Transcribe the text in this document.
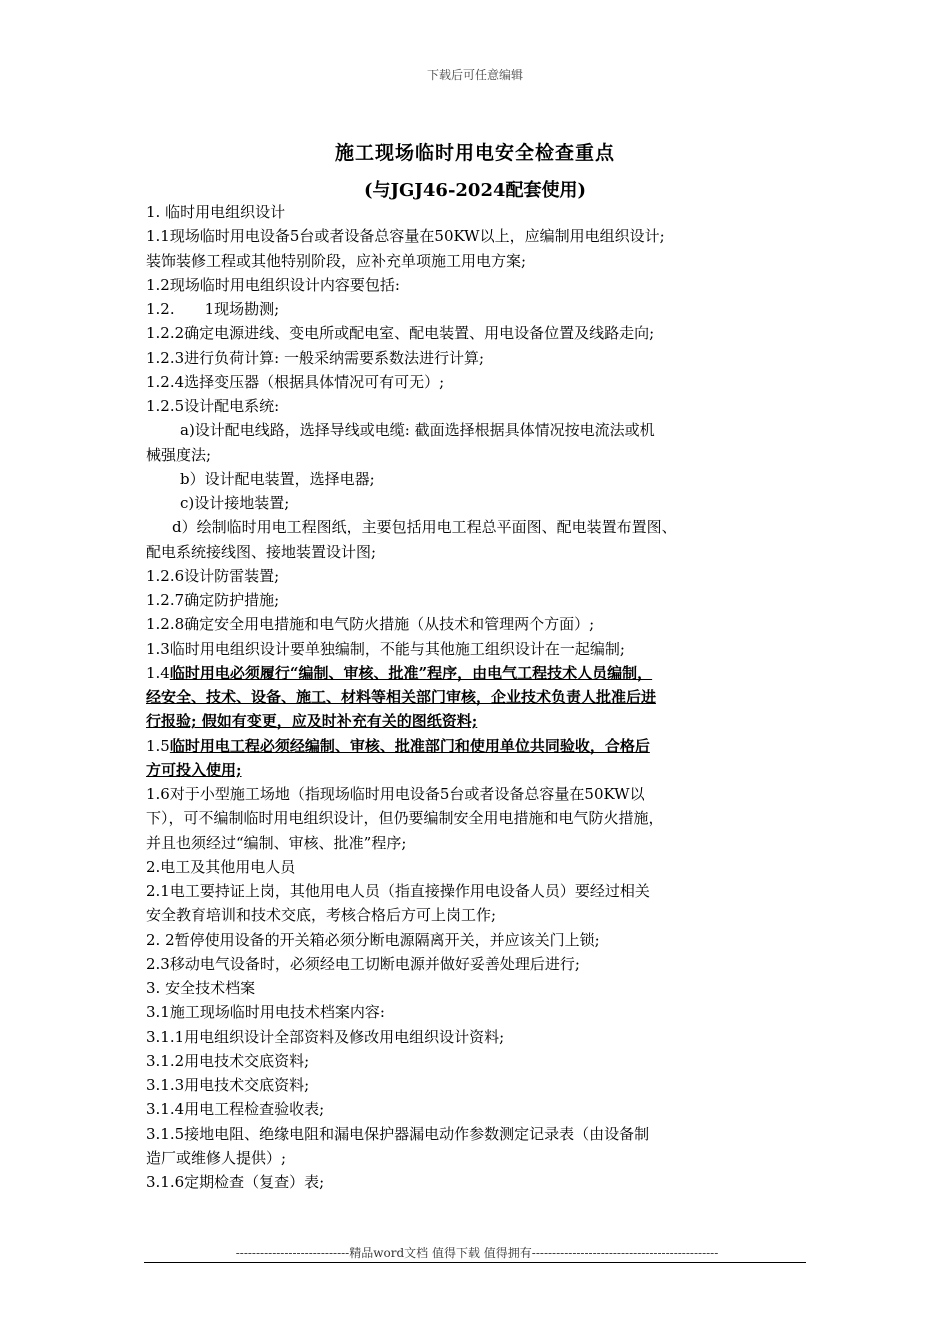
下载后可任意编辑
施工现场临时用电安全检查重点
(与JGJ46-2024配套使用)
1. 临时用电组织设计
1.1现场临时用电设备5台或者设备总容量在50KW以上，应编制用电组织设计;
装饰装修工程或其他特别阶段，应补充单项施工用电方案;
1.2现场临时用电组织设计内容要包括:
1.2.　　1现场勘测;
1.2.2确定电源进线、变电所或配电室、配电装置、用电设备位置及线路走向;
1.2.3进行负荷计算: 一般采纳需要系数法进行计算;
1.2.4选择变压器（根据具体情况可有可无）;
1.2.5设计配电系统:
a)设计配电线路，选择导线或电缆: 截面选择根据具体情况按电流法或机
械强度法;
b）设计配电装置，选择电器;
c)设计接地装置;
d）绘制临时用电工程图纸，主要包括用电工程总平面图、配电装置布置图、
配电系统接线图、接地装置设计图;
1.2.6设计防雷装置;
1.2.7确定防护措施;
1.2.8确定安全用电措施和电气防火措施（从技术和管理两个方面）;
1.3临时用电组织设计要单独编制，不能与其他施工组织设计在一起编制;
1.4临时用电必须履行“编制、审核、批准”程序，由电气工程技术人员编制，
经安全、技术、设备、施工、材料等相关部门审核，企业技术负责人批准后进
行报验; 假如有变更，应及时补充有关的图纸资料;
1.5临时用电工程必须经编制、审核、批准部门和使用单位共同验收，合格后
方可投入使用;
1.6对于小型施工场地（指现场临时用电设备5台或者设备总容量在50KW以
下），可不编制临时用电组织设计，但仍要编制安全用电措施和电气防火措施，
并且也须经过“编制、审核、批准”程序;
2.电工及其他用电人员
2.1电工要持证上岗，其他用电人员（指直接操作用电设备人员）要经过相关
安全教育培训和技术交底，考核合格后方可上岗工作;
2. 2暂停使用设备的开关箱必须分断电源隔离开关，并应该关门上锁;
2.3移动电气设备时，必须经电工切断电源并做好妥善处理后进行;
3. 安全技术档案
3.1施工现场临时用电技术档案内容:
3.1.1用电组织设计全部资料及修改用电组织设计资料;
3.1.2用电技术交底资料;
3.1.3用电技术交底资料;
3.1.4用电工程检查验收表;
3.1.5接地电阻、绝缘电阻和漏电保护器漏电动作参数测定记录表（由设备制
造厂或维修人提供）;
3.1.6定期检查（复查）表;
----------------------------精品word文档 值得下载 值得拥有----------------------------------------------
